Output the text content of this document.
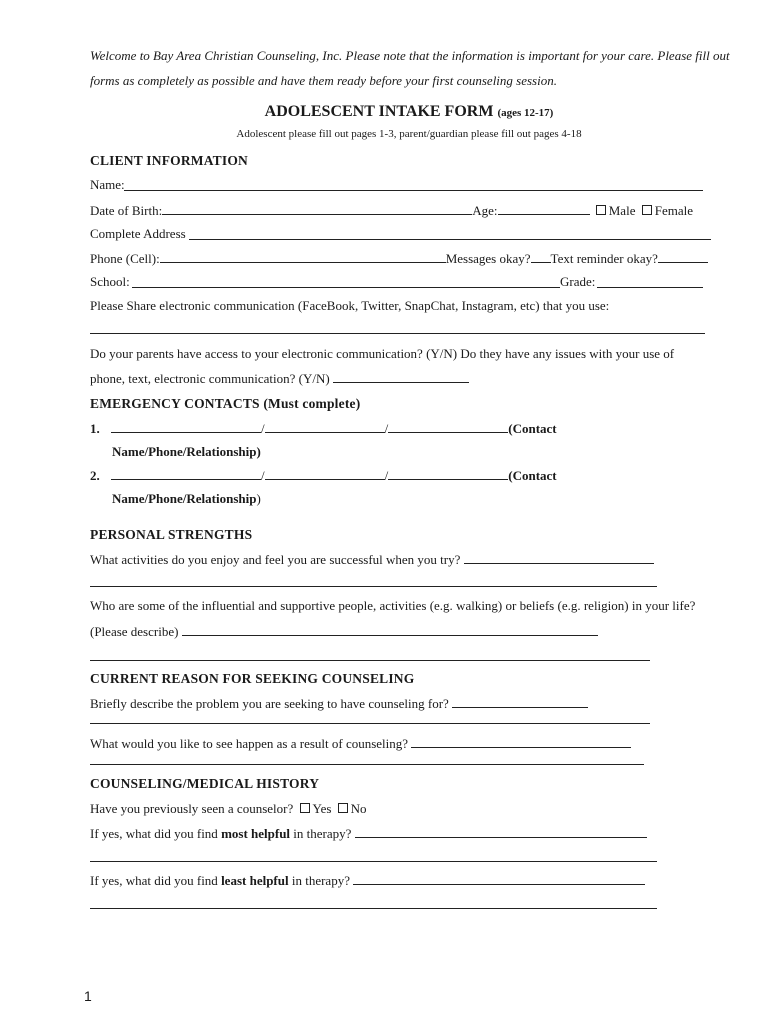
Welcome to Bay Area Christian Counseling, Inc. Please note that the information is important for your care. Please fill out
forms as completely as possible and have them ready before your first counseling session.
ADOLESCENT INTAKE FORM (ages 12-17)
Adolescent please fill out pages 1-3, parent/guardian please fill out pages 4-18
CLIENT INFORMATION
Name:
Date of Birth:	Age:	Male Female
Complete Address
Phone (Cell):	Messages okay? Text reminder okay?
School:	Grade:
Please Share electronic communication (FaceBook, Twitter, SnapChat, Instagram, etc) that you use:
Do your parents have access to your electronic communication? (Y/N) Do they have any issues with your use of
phone, text, electronic communication? (Y/N)
EMERGENCY CONTACTS (Must complete)
1.	/	/	(Contact
Name/Phone/Relationship)
2.	/	/	(Contact
Name/Phone/Relationship)
PERSONAL STRENGTHS
What activities do you enjoy and feel you are successful when you try?
Who are some of the influential and supportive people, activities (e.g. walking) or beliefs (e.g. religion) in your life?
(Please describe)
CURRENT REASON FOR SEEKING COUNSELING
Briefly describe the problem you are seeking to have counseling for?
What would you like to see happen as a result of counseling?
COUNSELING/MEDICAL HISTORY
Have you previously seen a counselor? Yes No
If yes, what did you find most helpful in therapy?
If yes, what did you find least helpful in therapy?
1
